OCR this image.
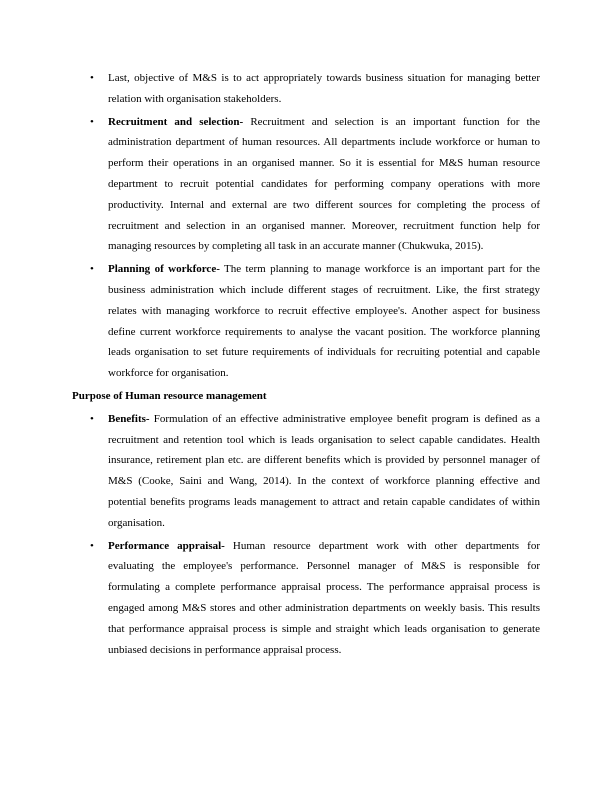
• Last, objective of M&S is to act appropriately towards business situation for managing better relation with organisation stakeholders.
• Recruitment and selection- Recruitment and selection is an important function for the administration department of human resources. All departments include workforce or human to perform their operations in an organised manner. So it is essential for M&S human resource department to recruit potential candidates for performing company operations with more productivity. Internal and external are two different sources for completing the process of recruitment and selection in an organised manner. Moreover, recruitment function help for managing resources by completing all task in an accurate manner (Chukwuka, 2015).
• Planning of workforce- The term planning to manage workforce is an important part for the business administration which include different stages of recruitment. Like, the first strategy relates with managing workforce to recruit effective employee's. Another aspect for business define current workforce requirements to analyse the vacant position. The workforce planning leads organisation to set future requirements of individuals for recruiting potential and capable workforce for organisation.
Purpose of Human resource management
• Benefits- Formulation of an effective administrative employee benefit program is defined as a recruitment and retention tool which is leads organisation to select capable candidates. Health insurance, retirement plan etc. are different benefits which is provided by personnel manager of M&S (Cooke, Saini and Wang, 2014). In the context of workforce planning effective and potential benefits programs leads management to attract and retain capable candidates of within organisation.
• Performance appraisal- Human resource department work with other departments for evaluating the employee's performance. Personnel manager of M&S is responsible for formulating a complete performance appraisal process. The performance appraisal process is engaged among M&S stores and other administration departments on weekly basis. This results that performance appraisal process is simple and straight which leads organisation to generate unbiased decisions in performance appraisal process.
